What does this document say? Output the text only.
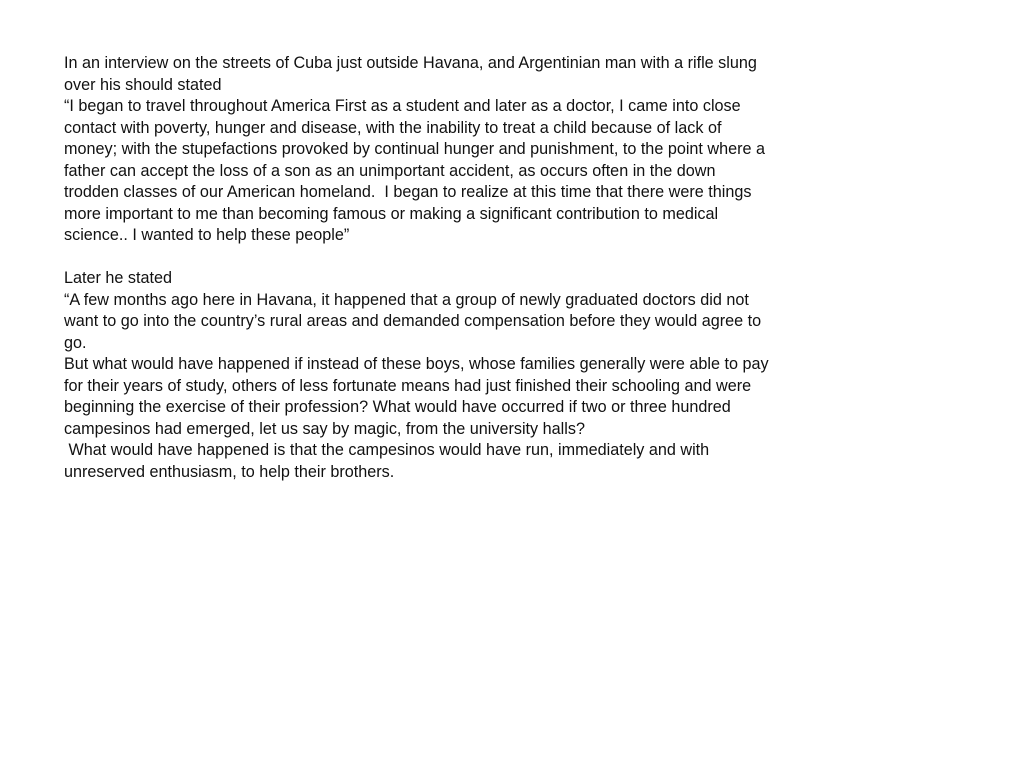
In an interview on the streets of Cuba just outside Havana, and Argentinian man with a rifle slung
over his should stated
“I began to travel throughout America First as a student and later as a doctor, I came into close
contact with poverty, hunger and disease, with the inability to treat a child because of lack of
money; with the stupefactions provoked by continual hunger and punishment, to the point where a
father can accept the loss of a son as an unimportant accident, as occurs often in the down
trodden classes of our American homeland.  I began to realize at this time that there were things
more important to me than becoming famous or making a significant contribution to medical
science.. I wanted to help these people”
Later he stated
“A few months ago here in Havana, it happened that a group of newly graduated doctors did not
want to go into the country’s rural areas and demanded compensation before they would agree to
go.
But what would have happened if instead of these boys, whose families generally were able to pay
for their years of study, others of less fortunate means had just finished their schooling and were
beginning the exercise of their profession? What would have occurred if two or three hundred
campesinos had emerged, let us say by magic, from the university halls?
What would have happened is that the campesinos would have run, immediately and with
unreserved enthusiasm, to help their brothers.
